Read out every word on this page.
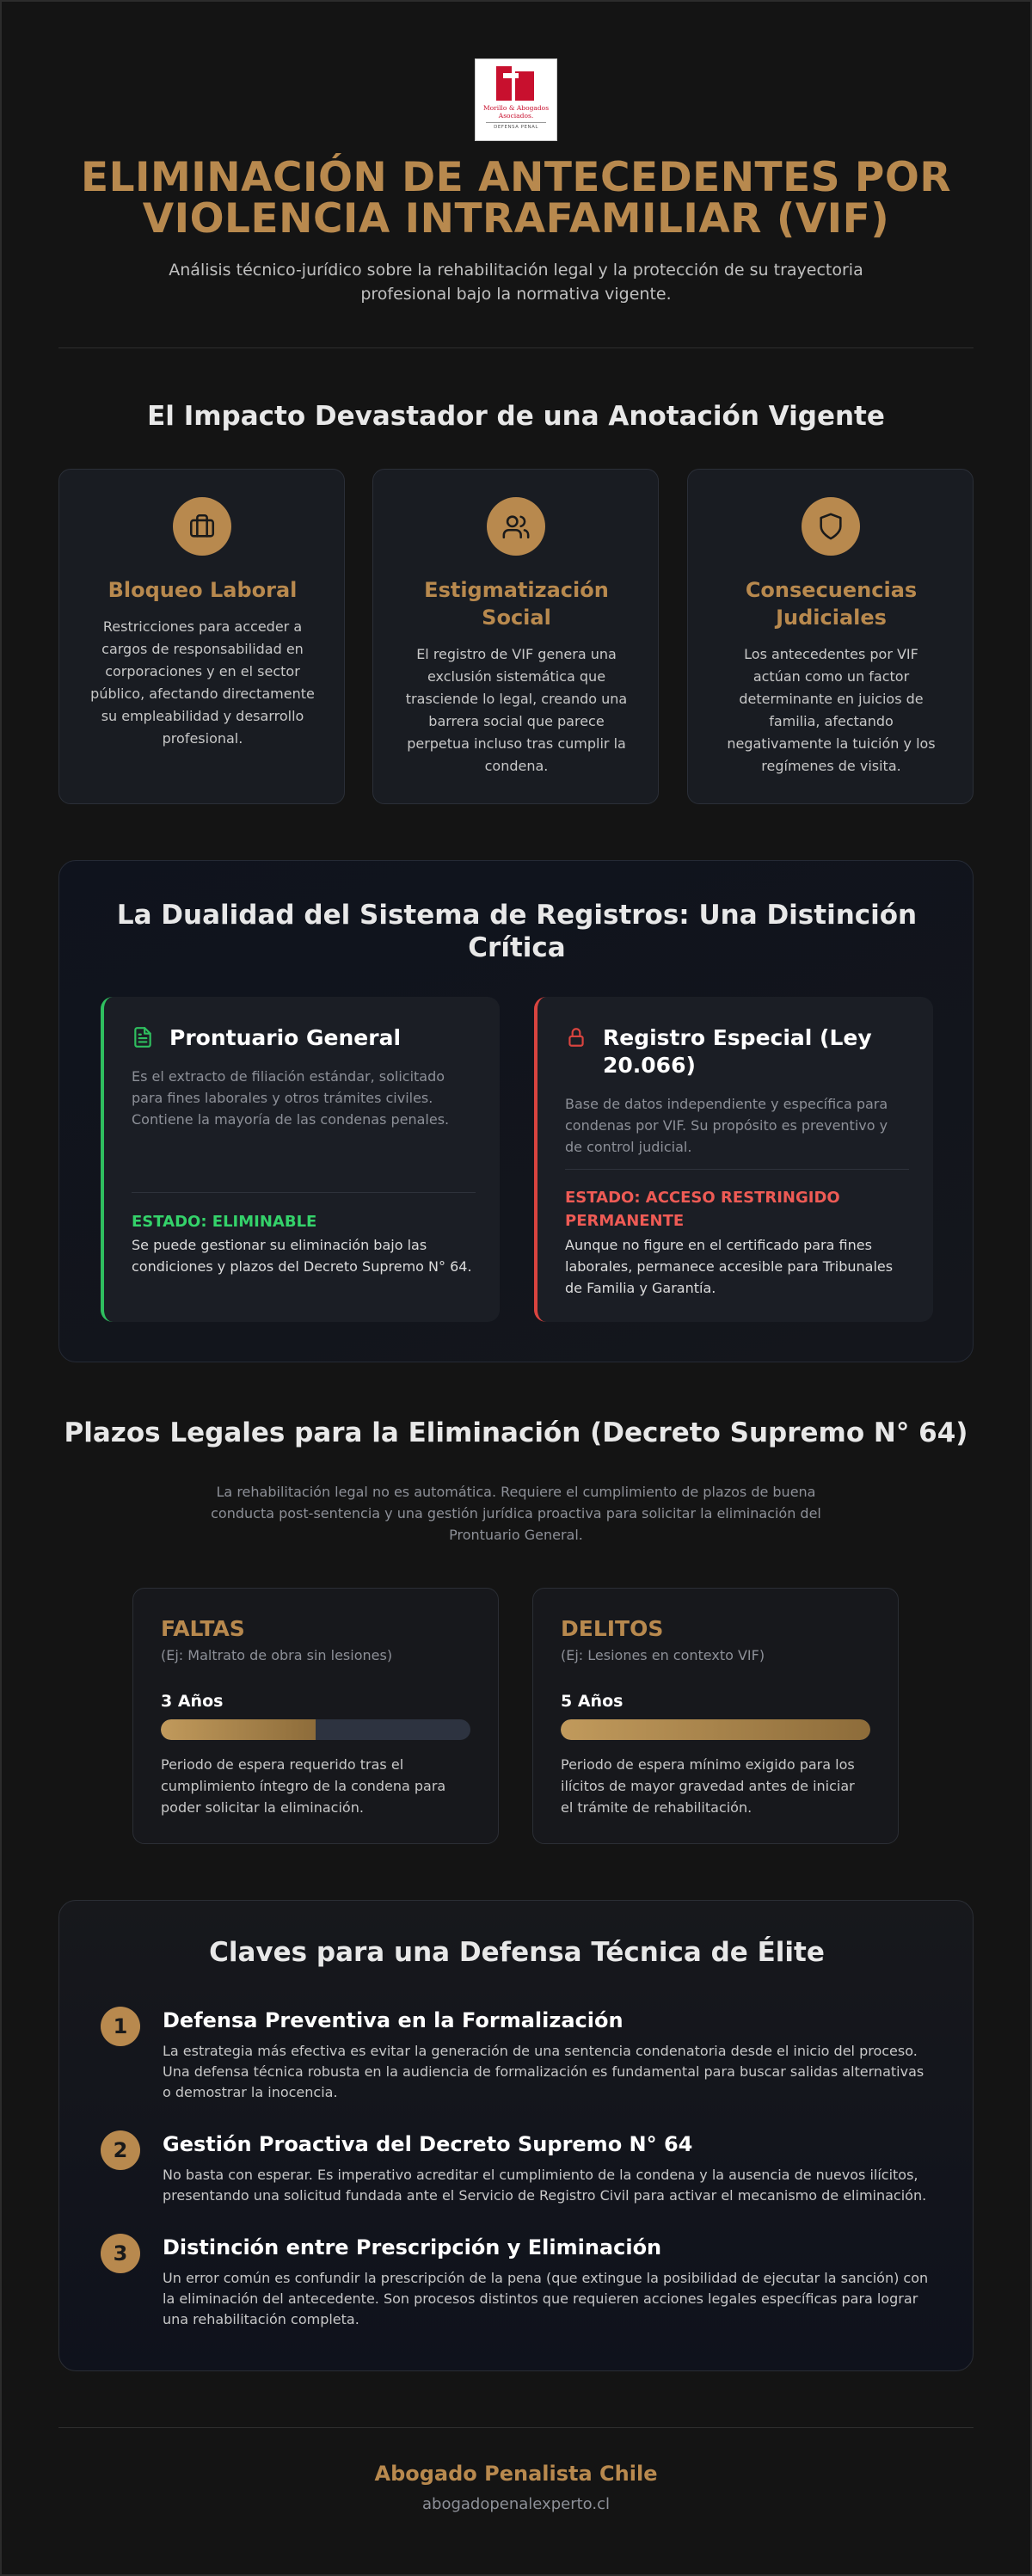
Morillo & Abogados Asociados.
DEFENSA PENAL
ELIMINACIÓN DE ANTECEDENTES POR VIOLENCIA INTRAFAMILIAR (VIF)

Análisis técnico-jurídico sobre la rehabilitación legal y la protección de su trayectoria profesional bajo la normativa vigente.

El Impacto Devastador de una Anotación Vigente
Bloqueo Laboral
Restricciones para acceder a cargos de responsabilidad en corporaciones y en el sector público, afectando directamente su empleabilidad y desarrollo profesional.
Estigmatización Social
El registro de VIF genera una exclusión sistemática que trasciende lo legal, creando una barrera social que parece perpetua incluso tras cumplir la condena.
Consecuencias Judiciales
Los antecedentes por VIF actúan como un factor determinante en juicios de familia, afectando negativamente la tuición y los regímenes de visita.
La Dualidad del Sistema de Registros: Una Distinción Crítica
Prontuario General
Es el extracto de filiación estándar, solicitado para fines laborales y otros trámites civiles. Contiene la mayoría de las condenas penales.
ESTADO: ELIMINABLE
Se puede gestionar su eliminación bajo las condiciones y plazos del Decreto Supremo N° 64.
Registro Especial (Ley 20.066)
Base de datos independiente y específica para condenas por VIF. Su propósito es preventivo y de control judicial.
ESTADO: ACCESO RESTRINGIDO PERMANENTE
Aunque no figure en el certificado para fines laborales, permanece accesible para Tribunales de Familia y Garantía.
Plazos Legales para la Eliminación (Decreto Supremo N° 64)

La rehabilitación legal no es automática. Requiere el cumplimiento de plazos de buena conducta post-sentencia y una gestión jurídica proactiva para solicitar la eliminación del Prontuario General.

FALTAS
(Ej: Maltrato de obra sin lesiones)
3 Años
Periodo de espera requerido tras el cumplimiento íntegro de la condena para poder solicitar la eliminación.
DELITOS
(Ej: Lesiones en contexto VIF)
5 Años
Periodo de espera mínimo exigido para los ilícitos de mayor gravedad antes de iniciar el trámite de rehabilitación.
Claves para una Defensa Técnica de Élite
1	Defensa Preventiva en la Formalización
La estrategia más efectiva es evitar la generación de una sentencia condenatoria desde el inicio del proceso. Una defensa técnica robusta en la audiencia de formalización es fundamental para buscar salidas alternativas o demostrar la inocencia.
2	Gestión Proactiva del Decreto Supremo N° 64
No basta con esperar. Es imperativo acreditar el cumplimiento de la condena y la ausencia de nuevos ilícitos, presentando una solicitud fundada ante el Servicio de Registro Civil para activar el mecanismo de eliminación.
3	Distinción entre Prescripción y Eliminación
Un error común es confundir la prescripción de la pena (que extingue la posibilidad de ejecutar la sanción) con la eliminación del antecedente. Son procesos distintos que requieren acciones legales específicas para lograr una rehabilitación completa.
Abogado Penalista Chile
abogadopenalexperto.cl
